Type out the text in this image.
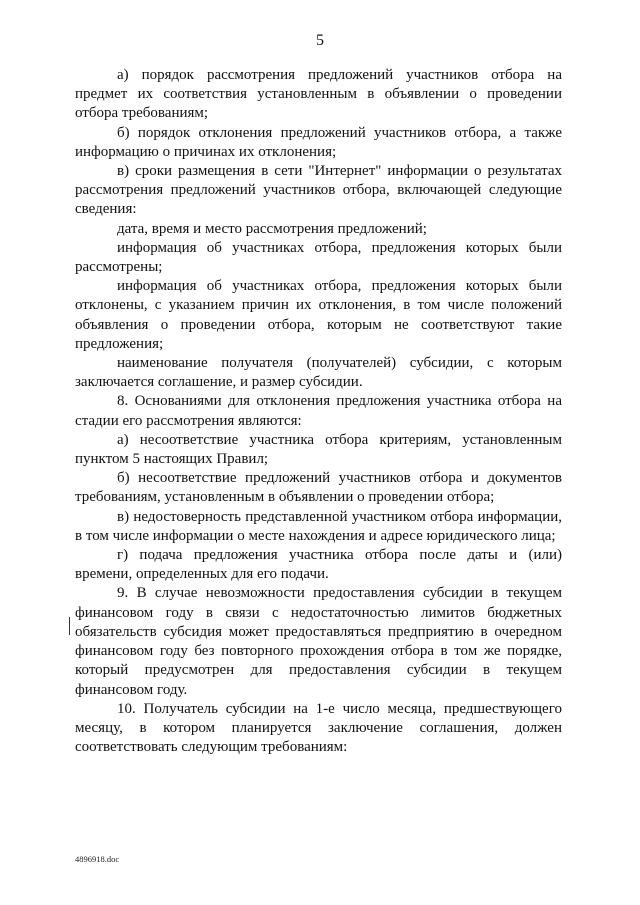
5

а) порядок рассмотрения предложений участников отбора на предмет их соответствия установленным в объявлении о проведении отбора требованиям;

б) порядок отклонения предложений участников отбора, а также информацию о причинах их отклонения;

в) сроки размещения в сети "Интернет" информации о результатах рассмотрения предложений участников отбора, включающей следующие сведения:

дата, время и место рассмотрения предложений;

информация об участниках отбора, предложения которых были рассмотрены;

информация об участниках отбора, предложения которых были отклонены, с указанием причин их отклонения, в том числе положений объявления о проведении отбора, которым не соответствуют такие предложения;

наименование получателя (получателей) субсидии, с которым заключается соглашение, и размер субсидии.

8. Основаниями для отклонения предложения участника отбора на стадии его рассмотрения являются:

а) несоответствие участника отбора критериям, установленным пунктом 5 настоящих Правил;

б) несоответствие предложений участников отбора и документов требованиям, установленным в объявлении о проведении отбора;

в) недостоверность представленной участником отбора информации, в том числе информации о месте нахождения и адресе юридического лица;

г) подача предложения участника отбора после даты и (или) времени, определенных для его подачи.

9. В случае невозможности предоставления субсидии в текущем финансовом году в связи с недостаточностью лимитов бюджетных обязательств субсидия может предоставляться предприятию в очередном финансовом году без повторного прохождения отбора в том же порядке, который предусмотрен для предоставления субсидии в текущем финансовом году.

10. Получатель субсидии на 1-е число месяца, предшествующего месяцу, в котором планируется заключение соглашения, должен соответствовать следующим требованиям:

4896918.doc
